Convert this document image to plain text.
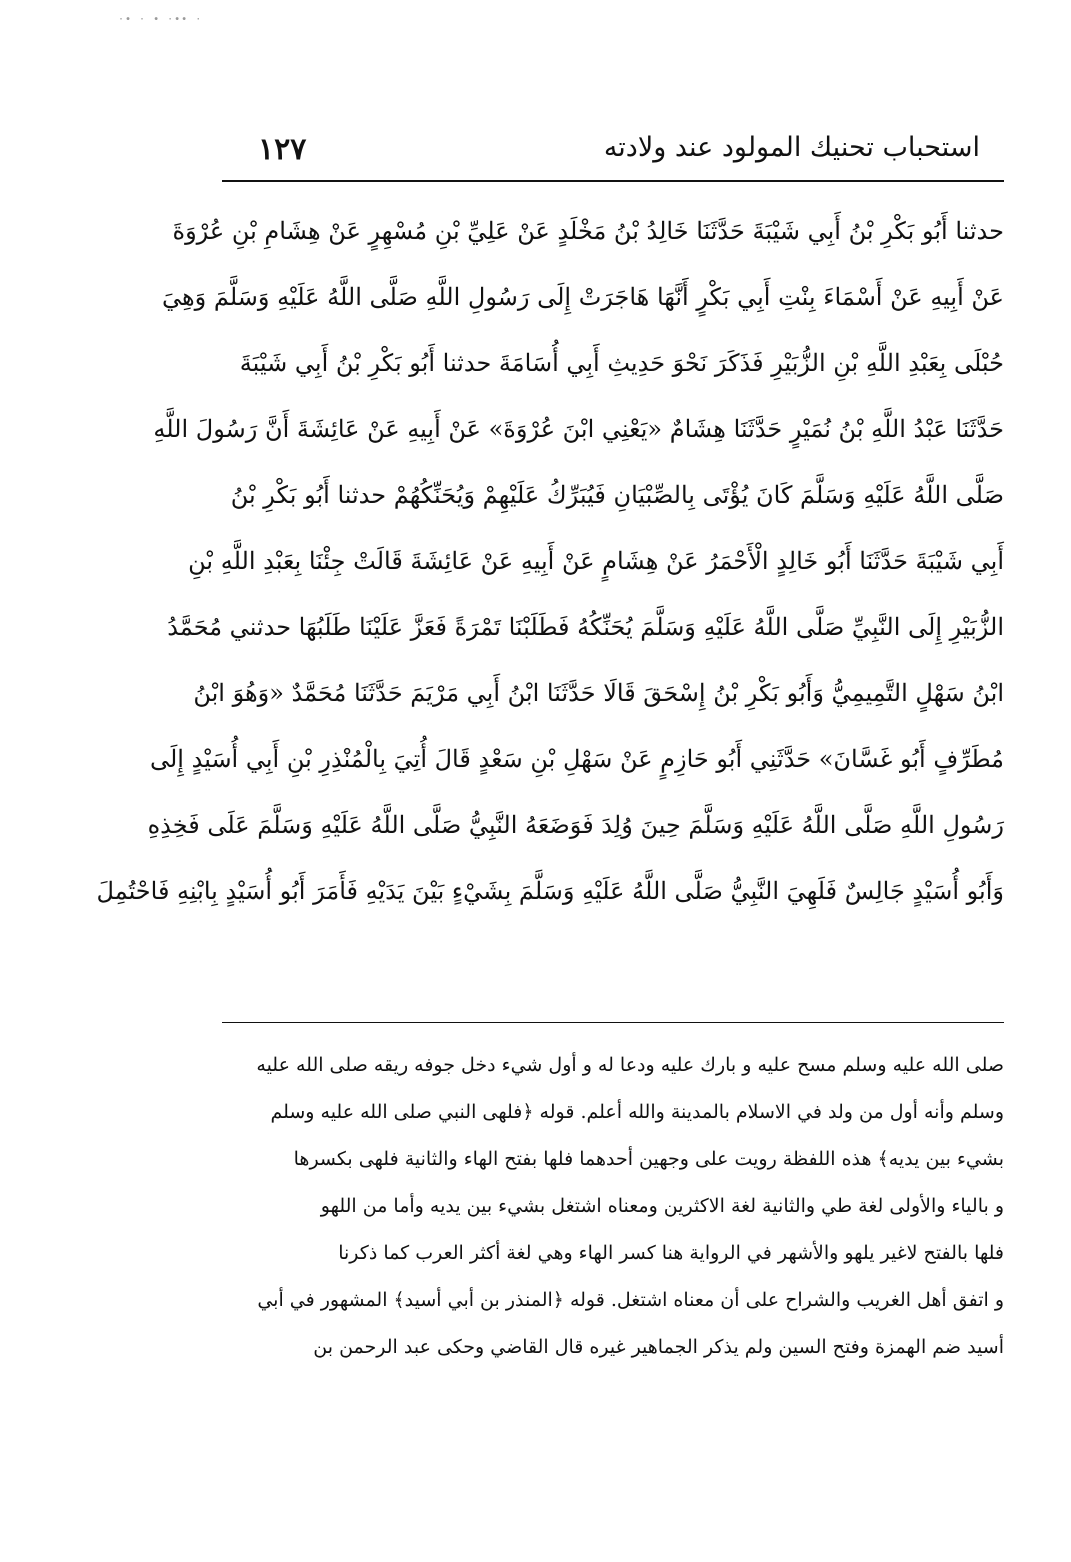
·∙ · ∙ ·∙∙ ·
١٢٧	استحباب تحنيك المولود عند ولادته
حدثنا أَبُو بَكْرِ بْنُ أَبِي شَيْبَةَ حَدَّثَنَا خَالِدُ بْنُ مَخْلَدٍ عَنْ عَلِيِّ بْنِ مُسْهِرٍ عَنْ هِشَامِ بْنِ عُرْوَةَ
عَنْ أَبِيهِ عَنْ أَسْمَاءَ بِنْتِ أَبِي بَكْرٍ أَنَّهَا هَاجَرَتْ إِلَى رَسُولِ اللَّهِ صَلَّى اللَّهُ عَلَيْهِ وَسَلَّمَ وَهِيَ
حُبْلَى بِعَبْدِ اللَّهِ بْنِ الزُّبَيْرِ فَذَكَرَ نَحْوَ حَدِيثِ أَبِي أُسَامَةَ حدثنا أَبُو بَكْرِ بْنُ أَبِي شَيْبَةَ
حَدَّثَنَا عَبْدُ اللَّهِ بْنُ نُمَيْرٍ حَدَّثَنَا هِشَامٌ «يَعْنِي ابْنَ عُرْوَةَ» عَنْ أَبِيهِ عَنْ عَائِشَةَ أَنَّ رَسُولَ اللَّهِ
صَلَّى اللَّهُ عَلَيْهِ وَسَلَّمَ كَانَ يُؤْتَى بِالصِّبْيَانِ فَيُبَرِّكُ عَلَيْهِمْ وَيُحَنِّكُهُمْ حدثنا أَبُو بَكْرِ بْنُ
أَبِي شَيْبَةَ حَدَّثَنَا أَبُو خَالِدٍ الْأَحْمَرُ عَنْ هِشَامٍ عَنْ أَبِيهِ عَنْ عَائِشَةَ قَالَتْ جِئْنَا بِعَبْدِ اللَّهِ بْنِ
الزُّبَيْرِ إِلَى النَّبِيِّ صَلَّى اللَّهُ عَلَيْهِ وَسَلَّمَ يُحَنِّكُهُ فَطَلَبْنَا تَمْرَةً فَعَزَّ عَلَيْنَا طَلَبُهَا حدثني مُحَمَّدُ
ابْنُ سَهْلٍ التَّمِيمِيُّ وَأَبُو بَكْرِ بْنُ إِسْحَقَ قَالَا حَدَّثَنَا ابْنُ أَبِي مَرْيَمَ حَدَّثَنَا مُحَمَّدٌ «وَهُوَ ابْنُ
مُطَرِّفٍ أَبُو غَسَّانَ» حَدَّثَنِي أَبُو حَازِمٍ عَنْ سَهْلِ بْنِ سَعْدٍ قَالَ أُتِيَ بِالْمُنْذِرِ بْنِ أَبِي أُسَيْدٍ إِلَى
رَسُولِ اللَّهِ صَلَّى اللَّهُ عَلَيْهِ وَسَلَّمَ حِينَ وُلِدَ فَوَضَعَهُ النَّبِيُّ صَلَّى اللَّهُ عَلَيْهِ وَسَلَّمَ عَلَى فَخِذِهِ
وَأَبُو أُسَيْدٍ جَالِسٌ فَلَهِيَ النَّبِيُّ صَلَّى اللَّهُ عَلَيْهِ وَسَلَّمَ بِشَيْءٍ بَيْنَ يَدَيْهِ فَأَمَرَ أَبُو أُسَيْدٍ بِابْنِهِ فَاحْتُمِلَ
صلى الله عليه وسلم مسح عليه و بارك عليه ودعا له و أول شيء دخل جوفه ريقه صلى الله عليه
وسلم وأنه أول من ولد في الاسلام بالمدينة والله أعلم. قوله ﴿فلهى النبي صلى الله عليه وسلم
بشيء بين يديه﴾ هذه اللفظة رويت على وجهين أحدهما فلها بفتح الهاء والثانية فلهى بكسرها
و بالياء والأولى لغة طي والثانية لغة الاكثرين ومعناه اشتغل بشيء بين يديه وأما من اللهو
فلها بالفتح لاغير يلهو والأشهر في الرواية هنا كسر الهاء وهي لغة أكثر العرب كما ذكرنا
و اتفق أهل الغريب والشراح على أن معناه اشتغل. قوله ﴿المنذر بن أبي أسيد﴾ المشهور في أبي
أسيد ضم الهمزة وفتح السين ولم يذكر الجماهير غيره قال القاضي وحكى عبد الرحمن بن
